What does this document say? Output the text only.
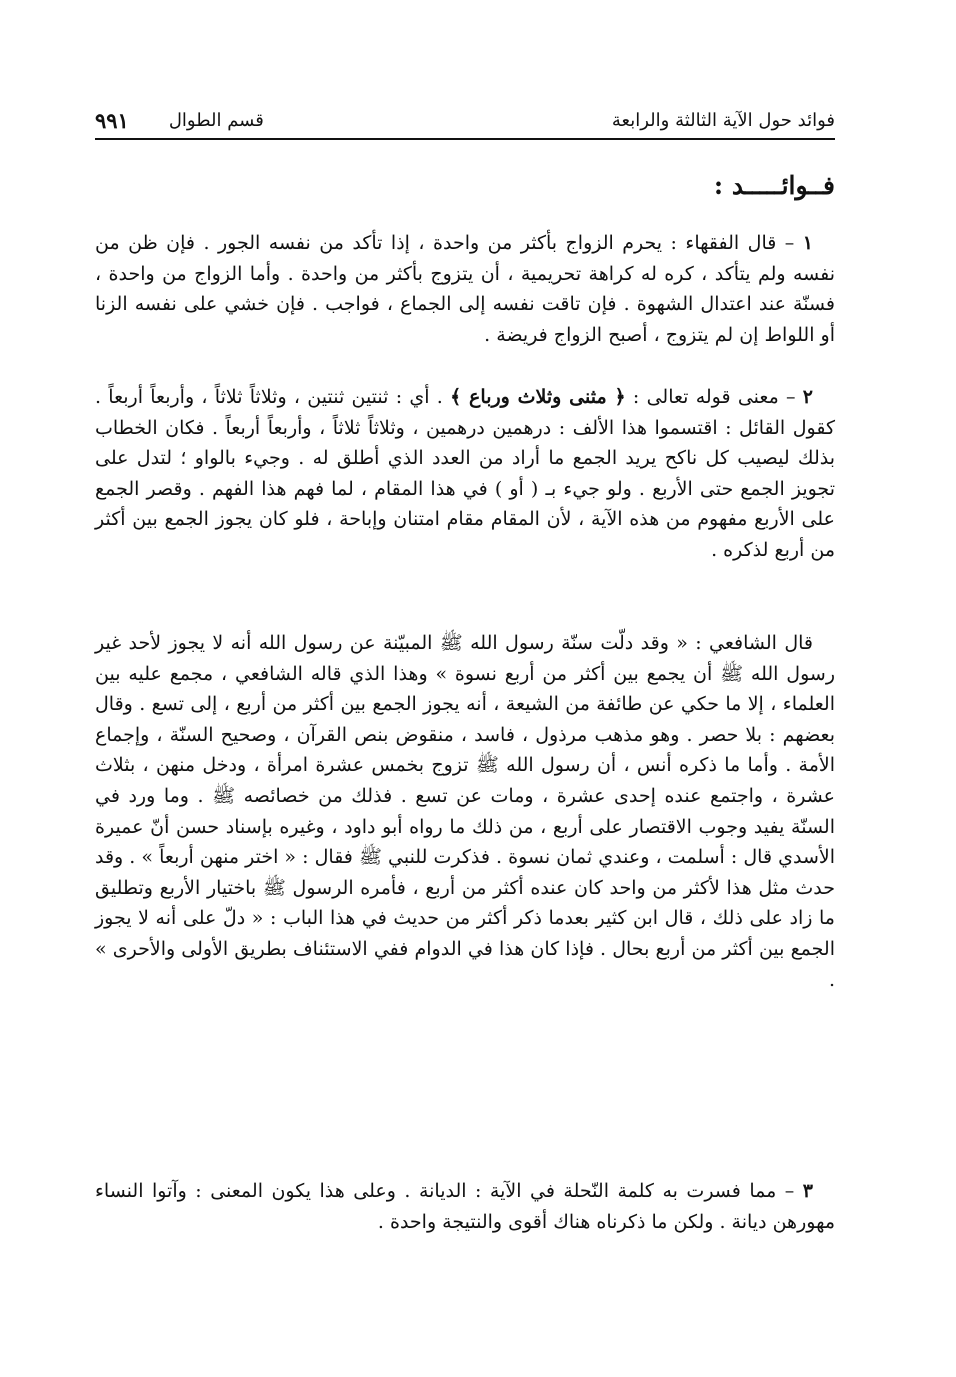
فوائد حول الآية الثالثة والرابعة
قسم الطوال
٩٩١
فــوائـــــد :

١ – قال الفقهاء : يحرم الزواج بأكثر من واحدة ، إذا تأكد من نفسه الجور . فإن ظن من نفسه ولم يتأكد ، كره له كراهة تحريمية ، أن يتزوج بأكثر من واحدة . وأما الزواج من واحدة ، فسنّة عند اعتدال الشهوة . فإن تاقت نفسه إلى الجماع ، فواجب . فإن خشي على نفسه الزنا أو اللواط إن لم يتزوج ، أصبح الزواج فريضة .

٢ – معنى قوله تعالى : ﴿ مثنى وثلاث ورباع ﴾ . أي : ثنتين ثنتين ، وثلاثاً ثلاثاً ، وأربعاً أربعاً . كقول القائل : اقتسموا هذا الألف : درهمين درهمين ، وثلاثاً ثلاثاً ، وأربعاً أربعاً . فكان الخطاب بذلك ليصيب كل ناكح يريد الجمع ما أراد من العدد الذي أطلق له . وجيء بالواو ؛ لتدل على تجويز الجمع حتى الأربع . ولو جيء بـ ( أو ) في هذا المقام ، لما فهم هذا الفهم . وقصر الجمع على الأربع مفهوم من هذه الآية ، لأن المقام مقام امتنان وإباحة ، فلو كان يجوز الجمع بين أكثر من أربع لذكره .

قال الشافعي : « وقد دلّت سنّة رسول الله ﷺ المبيّنة عن رسول الله أنه لا يجوز لأحد غير رسول الله ﷺ أن يجمع بين أكثر من أربع نسوة » وهذا الذي قاله الشافعي ، مجمع عليه بين العلماء ، إلا ما حكي عن طائفة من الشيعة ، أنه يجوز الجمع بين أكثر من أربع ، إلى تسع . وقال بعضهم : بلا حصر . وهو مذهب مرذول ، فاسد ، منقوض بنص القرآن ، وصحيح السنّة ، وإجماع الأمة . وأما ما ذكره أنس ، أن رسول الله ﷺ تزوج بخمس عشرة امرأة ، ودخل منهن ، بثلاث عشرة ، واجتمع عنده إحدى عشرة ، ومات عن تسع . فذلك من خصائصه ﷺ . وما ورد في السنّة يفيد وجوب الاقتصار على أربع ، من ذلك ما رواه أبو داود ، وغيره بإسناد حسن أنّ عميرة الأسدي قال : أسلمت ، وعندي ثمان نسوة . فذكرت للنبي ﷺ فقال : « اختر منهن أربعاً » . وقد حدث مثل هذا لأكثر من واحد كان عنده أكثر من أربع ، فأمره الرسول ﷺ باختيار الأربع وتطليق ما زاد على ذلك ، قال ابن كثير بعدما ذكر أكثر من حديث في هذا الباب : « دلّ على أنه لا يجوز الجمع بين أكثر من أربع بحال . فإذا كان هذا في الدوام ففي الاستئناف بطريق الأولى والأحرى » .

٣ – مما فسرت به كلمة النّحلة في الآية : الديانة . وعلى هذا يكون المعنى : وآتوا النساء مهورهن ديانة . ولكن ما ذكرناه هناك أقوى والنتيجة واحدة .
